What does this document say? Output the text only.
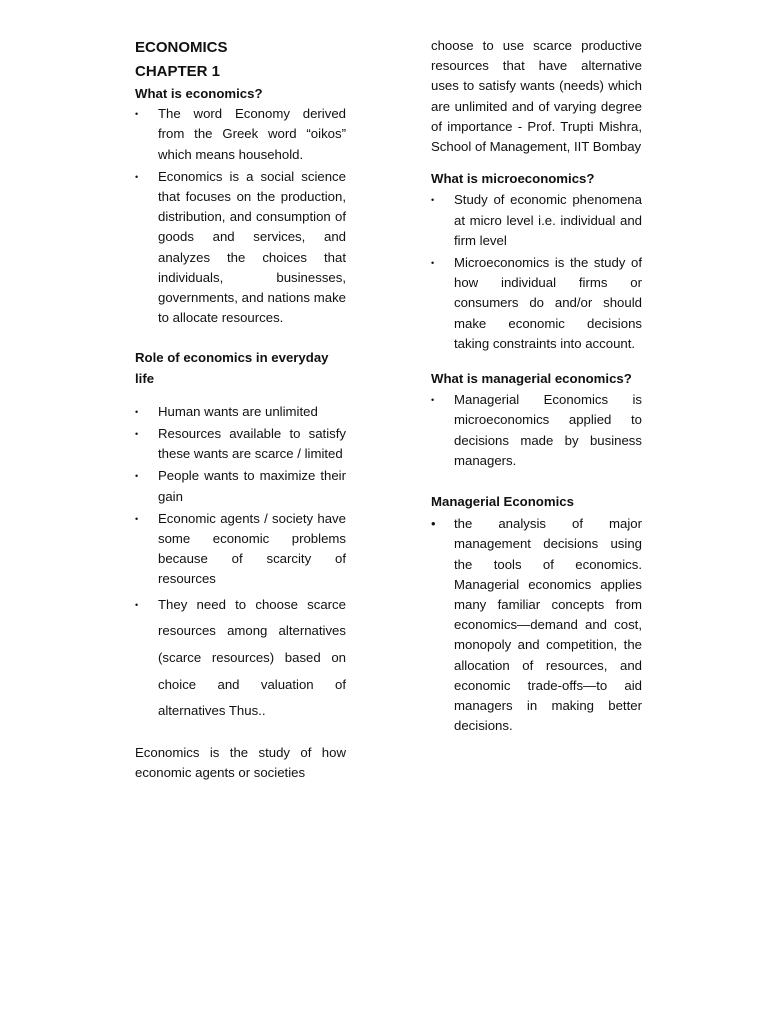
ECONOMICS
CHAPTER 1
What is economics?
• The word Economy derived from the Greek word “oikos” which means household.
• Economics is a social science that focuses on the production, distribution, and consumption of goods and services, and analyzes the choices that individuals, businesses, governments, and nations make to allocate resources.
Role of economics in everyday life
• Human wants are unlimited
• Resources available to satisfy these wants are scarce / limited
• People wants to maximize their gain
• Economic agents / society have some economic problems because of scarcity of resources
• They need to choose scarce resources among alternatives (scarce resources) based on choice and valuation of alternatives Thus..

Economics is the study of how economic agents or societies

choose to use scarce productive resources that have alternative uses to satisfy wants (needs) which are unlimited and of varying degree of importance - Prof. Trupti Mishra, School of Management, IIT Bombay

What is microeconomics?
• Study of economic phenomena at micro level i.e. individual and firm level
• Microeconomics is the study of how individual firms or consumers do and/or should make economic decisions taking constraints into account.
What is managerial economics?
• Managerial Economics is microeconomics applied to decisions made by business managers.
Managerial Economics
• the analysis of major management decisions using the tools of economics. Managerial economics applies many familiar concepts from economics—demand and cost, monopoly and competition, the allocation of resources, and economic trade-offs—to aid managers in making better decisions.
